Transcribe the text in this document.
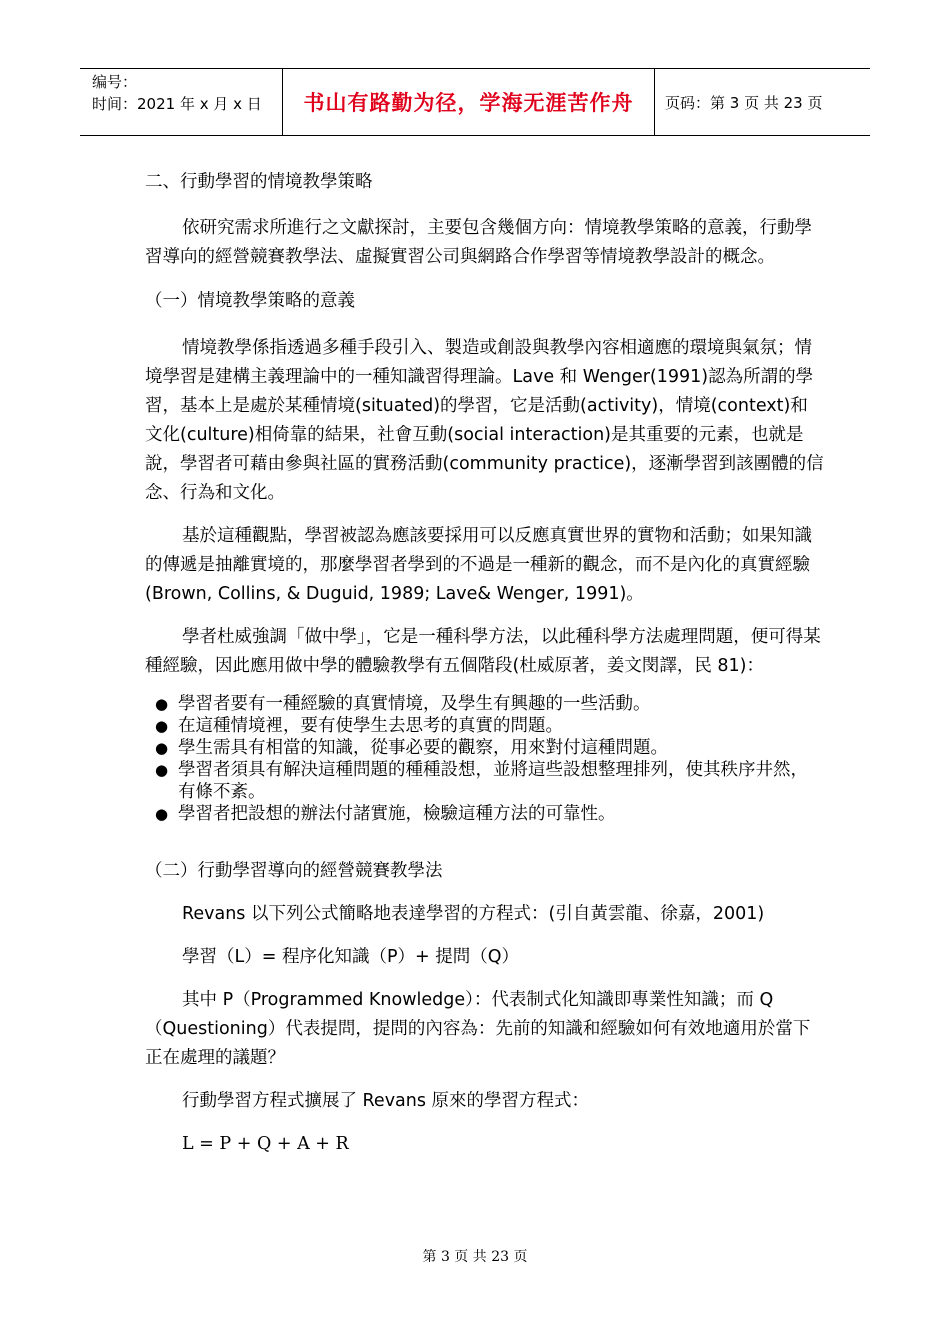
编号：
时间：2021 年 x 月 x 日	书山有路勤为径，学海无涯苦作舟	页码：第 3 页 共 23 页

二、行動學習的情境教學策略

依研究需求所進行之文獻探討，主要包含幾個方向：情境教學策略的意義，行動學習導向的經營競賽教學法、虛擬實習公司與網路合作學習等情境教學設計的概念。

（一）情境教學策略的意義

情境教學係指透過多種手段引入、製造或創設與教學內容相適應的環境與氣氛；情境學習是建構主義理論中的一種知識習得理論。Lave 和 Wenger(1991)認為所謂的學習，基本上是處於某種情境(situated)的學習，它是活動(activity)，情境(context)和文化(culture)相倚靠的結果，社會互動(social interaction)是其重要的元素，也就是說，學習者可藉由參與社區的實務活動(community practice)，逐漸學習到該團體的信念、行為和文化。

基於這種觀點，學習被認為應該要採用可以反應真實世界的實物和活動；如果知識的傳遞是抽離實境的，那麼學習者學到的不過是一種新的觀念，而不是內化的真實經驗(Brown, Collins, & Duguid, 1989; Lave& Wenger, 1991)。

學者杜威強調「做中學」，它是一種科學方法，以此種科學方法處理問題，便可得某種經驗，因此應用做中學的體驗教學有五個階段(杜威原著，姜文閔譯，民 81)：

● 學習者要有一種經驗的真實情境，及學生有興趣的一些活動。
● 在這種情境裡，要有使學生去思考的真實的問題。
● 學生需具有相當的知識，從事必要的觀察，用來對付這種問題。
● 學習者須具有解決這種問題的種種設想，並將這些設想整理排列，使其秩序井然，有條不紊。
● 學習者把設想的辦法付諸實施，檢驗這種方法的可靠性。

（二）行動學習導向的經營競賽教學法

Revans 以下列公式簡略地表達學習的方程式：(引自黃雲龍、徐嘉，2001)

學習（L）= 程序化知識（P）+ 提問（Q）

其中 P（Programmed Knowledge）：代表制式化知識即專業性知識；而 Q（Questioning）代表提問，提問的內容為：先前的知識和經驗如何有效地適用於當下正在處理的議題？

行動學習方程式擴展了 Revans 原來的學習方程式：

L = P + Q + A + R

第 3 页 共 23 页
